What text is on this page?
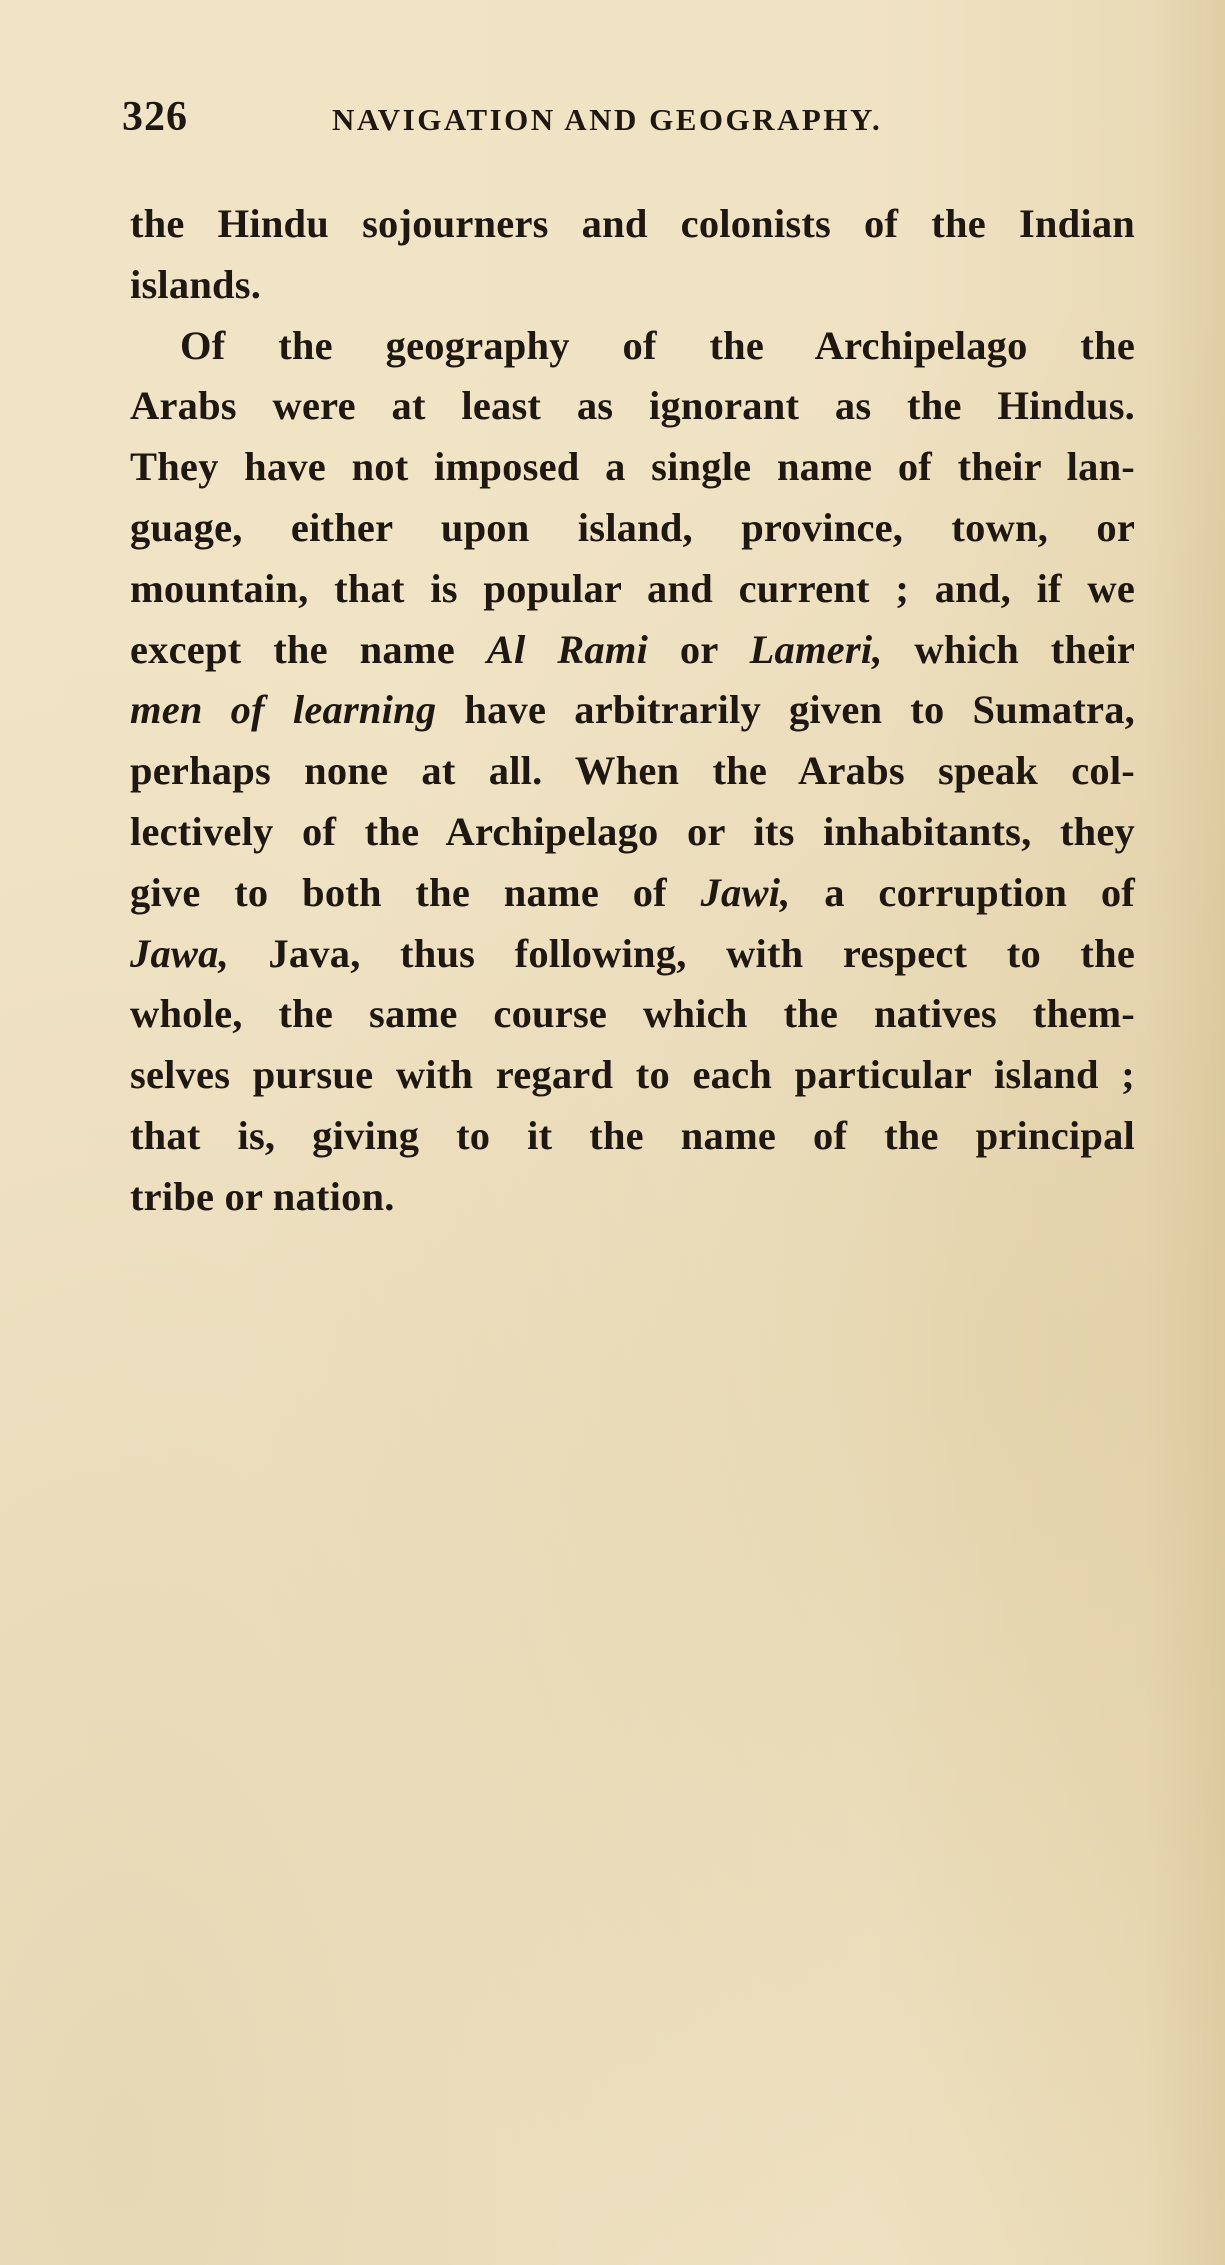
326	NAVIGATION AND GEOGRAPHY.
the Hindu sojourners and colonists of the Indian
islands.
Of the geography of the Archipelago the
Arabs were at least as ignorant as the Hindus.
They have not imposed a single name of their lan-
guage, either upon island, province, town, or
mountain, that is popular and current ; and, if we
except the name Al Rami or Lameri, which their
men of learning have arbitrarily given to Sumatra,
perhaps none at all. When the Arabs speak col-
lectively of the Archipelago or its inhabitants, they
give to both the name of Jawi, a corruption of
Jawa, Java, thus following, with respect to the
whole, the same course which the natives them-
selves pursue with regard to each particular island ;
that is, giving to it the name of the principal
tribe or nation.
